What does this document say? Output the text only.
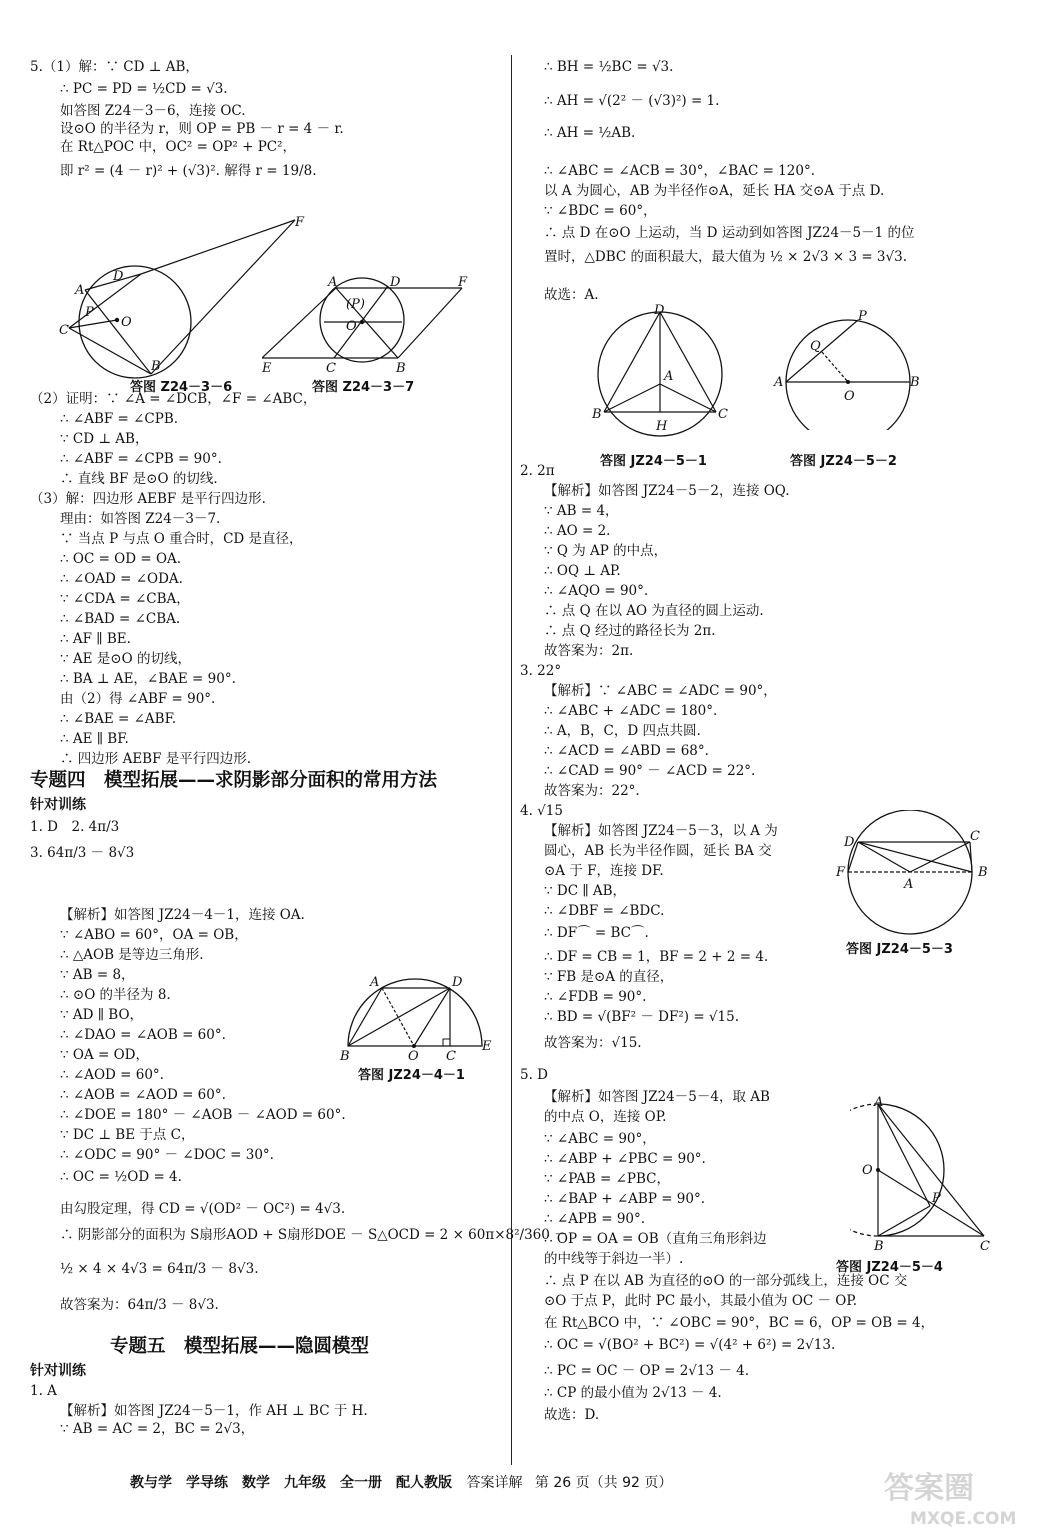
5.（1）解：∵ CD ⊥ AB，
∴ PC = PD = ½CD = √3.
如答图 Z24－3－6，连接 OC.
设⊙O 的半径为 r，则 OP = PB － r = 4 － r.
在 Rt△POC 中，OC² = OP² + PC²，
即 r² = (4 － r)² + (√3)². 解得 r = 19/8.
（2）证明：∵ ∠A = ∠DCB，∠F = ∠ABC，
∴ ∠ABF = ∠CPB.
∵ CD ⊥ AB，
∴ ∠ABF = ∠CPB = 90°.
∴ 直线 BF 是⊙O 的切线.
（3）解：四边形 AEBF 是平行四边形.
理由：如答图 Z24－3－7.
∵ 当点 P 与点 O 重合时，CD 是直径，
∴ OC = OD = OA.
∴ ∠OAD = ∠ODA.
∵ ∠CDA = ∠CBA，
∴ ∠BAD = ∠CBA.
∴ AF ∥ BE.
∵ AE 是⊙O 的切线，
∴ BA ⊥ AE，∠BAE = 90°.
由（2）得 ∠ABF = 90°.
∴ ∠BAE = ∠ABF.
∴ AE ∥ BF.
∴ 四边形 AEBF 是平行四边形.
专题四　模型拓展——求阴影部分面积的常用方法
针对训练
1. D　2. 4π/3
3. 64π/3 － 8√3
【解析】如答图 JZ24－4－1，连接 OA.
∵ ∠ABO = 60°，OA = OB，
∴ △AOB 是等边三角形.
∵ AB = 8，
∴ ⊙O 的半径为 8.
∵ AD ∥ BO，
∴ ∠DAO = ∠AOB = 60°.
∵ OA = OD，
∴ ∠AOD = 60°.
∴ ∠AOB = ∠AOD = 60°.
∴ ∠DOE = 180° － ∠AOB － ∠AOD = 60°.
∵ DC ⊥ BE 于点 C，
∴ ∠ODC = 90° － ∠DOC = 30°.
∴ OC = ½OD = 4.
由勾股定理，得 CD = √(OD² － OC²) = 4√3.
∴ 阴影部分的面积为 S扇形AOD + S扇形DOE － S△OCD = 2 × 60π×8²/360 －
½ × 4 × 4√3 = 64π/3 － 8√3.
故答案为：64π/3 － 8√3.
专题五　模型拓展——隐圆模型
针对训练
1. A
【解析】如答图 JZ24－5－1，作 AH ⊥ BC 于 H.
∵ AB = AC = 2，BC = 2√3，
∴ BH = ½BC = √3.
∴ AH = √(2² － (√3)²) = 1.
∴ AH = ½AB.
∴ ∠ABC = ∠ACB = 30°，∠BAC = 120°.
以 A 为圆心，AB 为半径作⊙A，延长 HA 交⊙A 于点 D.
∵ ∠BDC = 60°，
∴ 点 D 在⊙O 上运动，当 D 运动到如答图 JZ24－5－1 的位
置时，△DBC 的面积最大，最大值为 ½ × 2√3 × 3 = 3√3.
故选：A.
2. 2π
【解析】如答图 JZ24－5－2，连接 OQ.
∵ AB = 4，
∴ AO = 2.
∵ Q 为 AP 的中点，
∴ OQ ⊥ AP.
∴ ∠AQO = 90°.
∴ 点 Q 在以 AO 为直径的圆上运动.
∴ 点 Q 经过的路径长为 2π.
故答案为：2π.
3. 22°
【解析】∵ ∠ABC = ∠ADC = 90°，
∴ ∠ABC + ∠ADC = 180°.
∴ A，B，C，D 四点共圆.
∴ ∠ACD = ∠ABD = 68°.
∴ ∠CAD = 90° － ∠ACD = 22°.
故答案为：22°.
4. √15
【解析】如答图 JZ24－5－3，以 A 为
圆心，AB 长为半径作圆，延长 BA 交
⊙A 于 F，连接 DF.
∵ DC ∥ AB，
∴ ∠DBF = ∠BDC.
∴ DF⌒ = BC⌒.
∴ DF = CB = 1，BF = 2 + 2 = 4.
∵ FB 是⊙A 的直径，
∴ ∠FDB = 90°.
∴ BD = √(BF² － DF²) = √15.
故答案为：√15.
5. D
【解析】如答图 JZ24－5－4，取 AB
的中点 O，连接 OP.
∵ ∠ABC = 90°，
∴ ∠ABP + ∠PBC = 90°.
∵ ∠PAB = ∠PBC，
∴ ∠BAP + ∠ABP = 90°.
∴ ∠APB = 90°.
∴ OP = OA = OB（直角三角形斜边
的中线等于斜边一半）.
∴ 点 P 在以 AB 为直径的⊙O 的一部分弧线上，连接 OC 交
⊙O 于点 P，此时 PC 最小，其最小值为 OC － OP.
在 Rt△BCO 中，∵ ∠OBC = 90°，BC = 6，OP = OB = 4，
∴ OC = √(BO² + BC²) = √(4² + 6²) = 2√13.
∴ PC = OC － OP = 2√13 － 4.
∴ CP 的最小值为 2√13 － 4.
故选：D.
F
D
A
P
C
O
B
A	D	F
(P)
O
E	C	B
A	D
B	O C
E
D
A
B	C
H
P
Q
A	B
O
D	C
F	B
A
A
O
P
B	C
答图 Z24－3－6	答图 Z24－3－7
答图 JZ24－4－1
答图 JZ24－5－1	答图 JZ24－5－2
答图 JZ24－5－3
答图 JZ24－5－4
教与学　学导练　数学　九年级　全一册　配人教版 答案详解 第 26 页（共 92 页）	答案圈
MXQE.COM
